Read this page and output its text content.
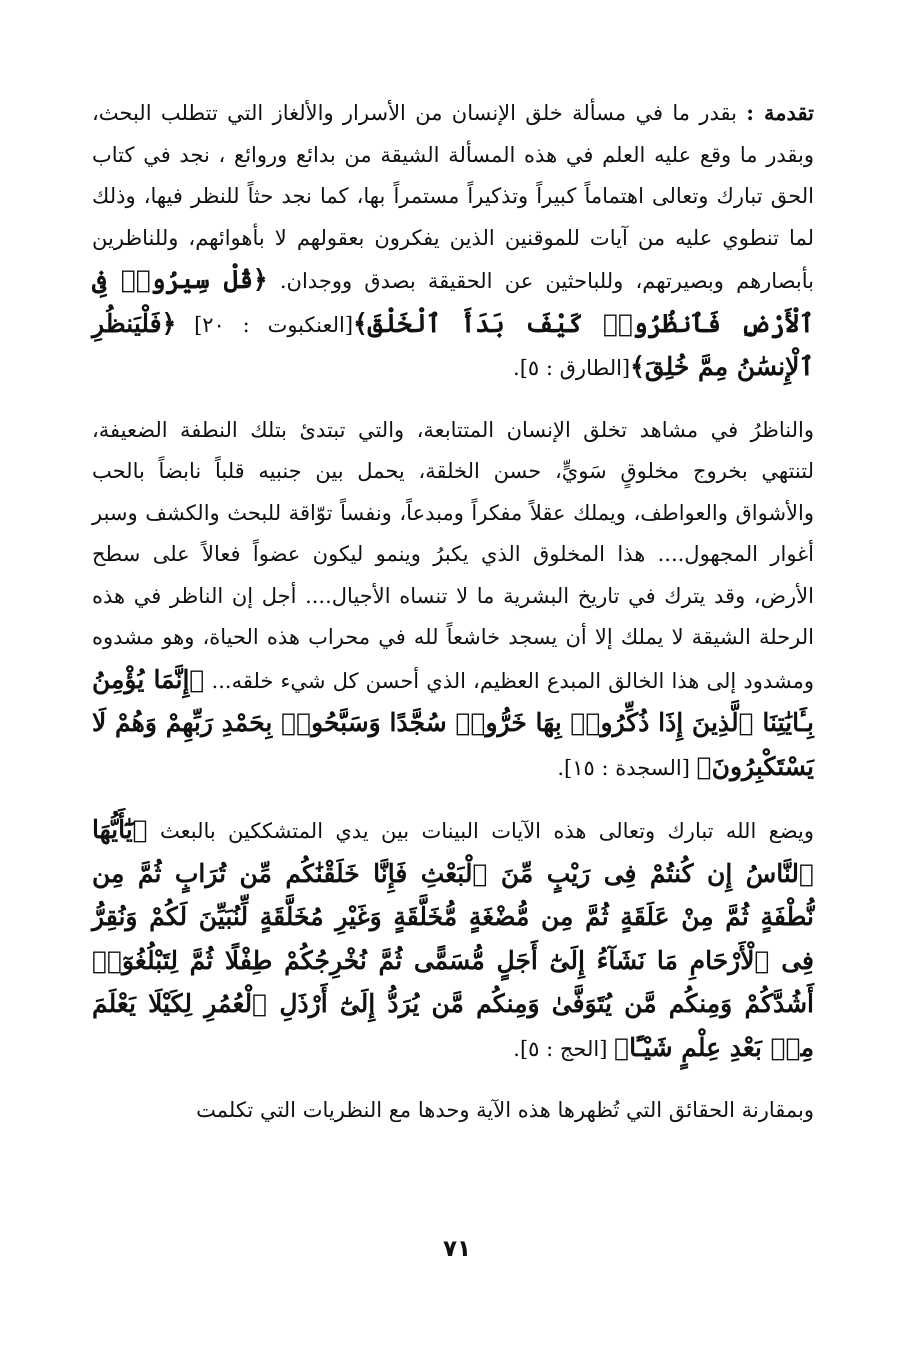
تقدمة : بقدر ما في مسألة خلق الإنسان من الأسرار والألغاز التي تتطلب البحث، وبقدر ما وقع عليه العلم في هذه المسألة الشيقة من بدائع وروائع ، نجد في كتاب الحق تبارك وتعالى اهتماماً كبيراً وتذكيراً مستمراً بها، كما نجد حثاً للنظر فيها، وذلك لما تنطوي عليه من آيات للموقنين الذين يفكرون بعقولهم لا بأهوائهم، وللناظرين بأبصارهم وبصيرتهم، وللباحثين عن الحقيقة بصدق ووجدان. ﴿قُلْ سِيرُوا۟ فِى ٱلْأَرْضِ فَٱنظُرُوا۟ كَيْفَ بَدَأَ ٱلْخَلْقَ﴾[العنكبوت : ٢٠] ﴿فَلْيَنظُرِ ٱلْإِنسَٰنُ مِمَّ خُلِقَ﴾[الطارق : ٥].

والناظرُ في مشاهد تخلق الإنسان المتتابعة، والتي تبتدئ بتلك النطفة الضعيفة، لتنتهي بخروج مخلوقٍ سَويٍّ، حسن الخلقة، يحمل بين جنبيه قلباً نابضاً بالحب والأشواق والعواطف، ويملك عقلاً مفكراً ومبدعاً، ونفساً توّاقة للبحث والكشف وسبر أغوار المجهول.... هذا المخلوق الذي يكبرُ وينمو ليكون عضواً فعالاً على سطح الأرض، وقد يترك في تاريخ البشرية ما لا تنساه الأجيال.... أجل إن الناظر في هذه الرحلة الشيقة لا يملك إلا أن يسجد خاشعاً لله في محراب هذه الحياة، وهو مشدوه ومشدود إلى هذا الخالق المبدع العظيم، الذي أحسن كل شيء خلقه... ﴿إِنَّمَا يُؤْمِنُ بِـَٔايَٰتِنَا ٱلَّذِينَ إِذَا ذُكِّرُوا۟ بِهَا خَرُّوا۟ سُجَّدًا وَسَبَّحُوا۟ بِحَمْدِ رَبِّهِمْ وَهُمْ لَا يَسْتَكْبِرُونَ﴾ [السجدة : ١٥].

ويضع الله تبارك وتعالى هذه الآيات البينات بين يدي المتشككين بالبعث ﴿يَٰٓأَيُّهَا ٱلنَّاسُ إِن كُنتُمْ فِى رَيْبٍ مِّنَ ٱلْبَعْثِ فَإِنَّا خَلَقْنَٰكُم مِّن تُرَابٍ ثُمَّ مِن نُّطْفَةٍ ثُمَّ مِنْ عَلَقَةٍ ثُمَّ مِن مُّضْغَةٍ مُّخَلَّقَةٍ وَغَيْرِ مُخَلَّقَةٍ لِّنُبَيِّنَ لَكُمْ وَنُقِرُّ فِى ٱلْأَرْحَامِ مَا نَشَآءُ إِلَىٰٓ أَجَلٍ مُّسَمًّى ثُمَّ نُخْرِجُكُمْ طِفْلًا ثُمَّ لِتَبْلُغُوٓا۟ أَشُدَّكُمْ وَمِنكُم مَّن يُتَوَفَّىٰ وَمِنكُم مَّن يُرَدُّ إِلَىٰٓ أَرْذَلِ ٱلْعُمُرِ لِكَيْلَا يَعْلَمَ مِنۢ بَعْدِ عِلْمٍ شَيْـًٔا﴾ [الحج : ٥].

وبمقارنة الحقائق التي تُظهرها هذه الآية وحدها مع النظريات التي تكلمت

٧١
